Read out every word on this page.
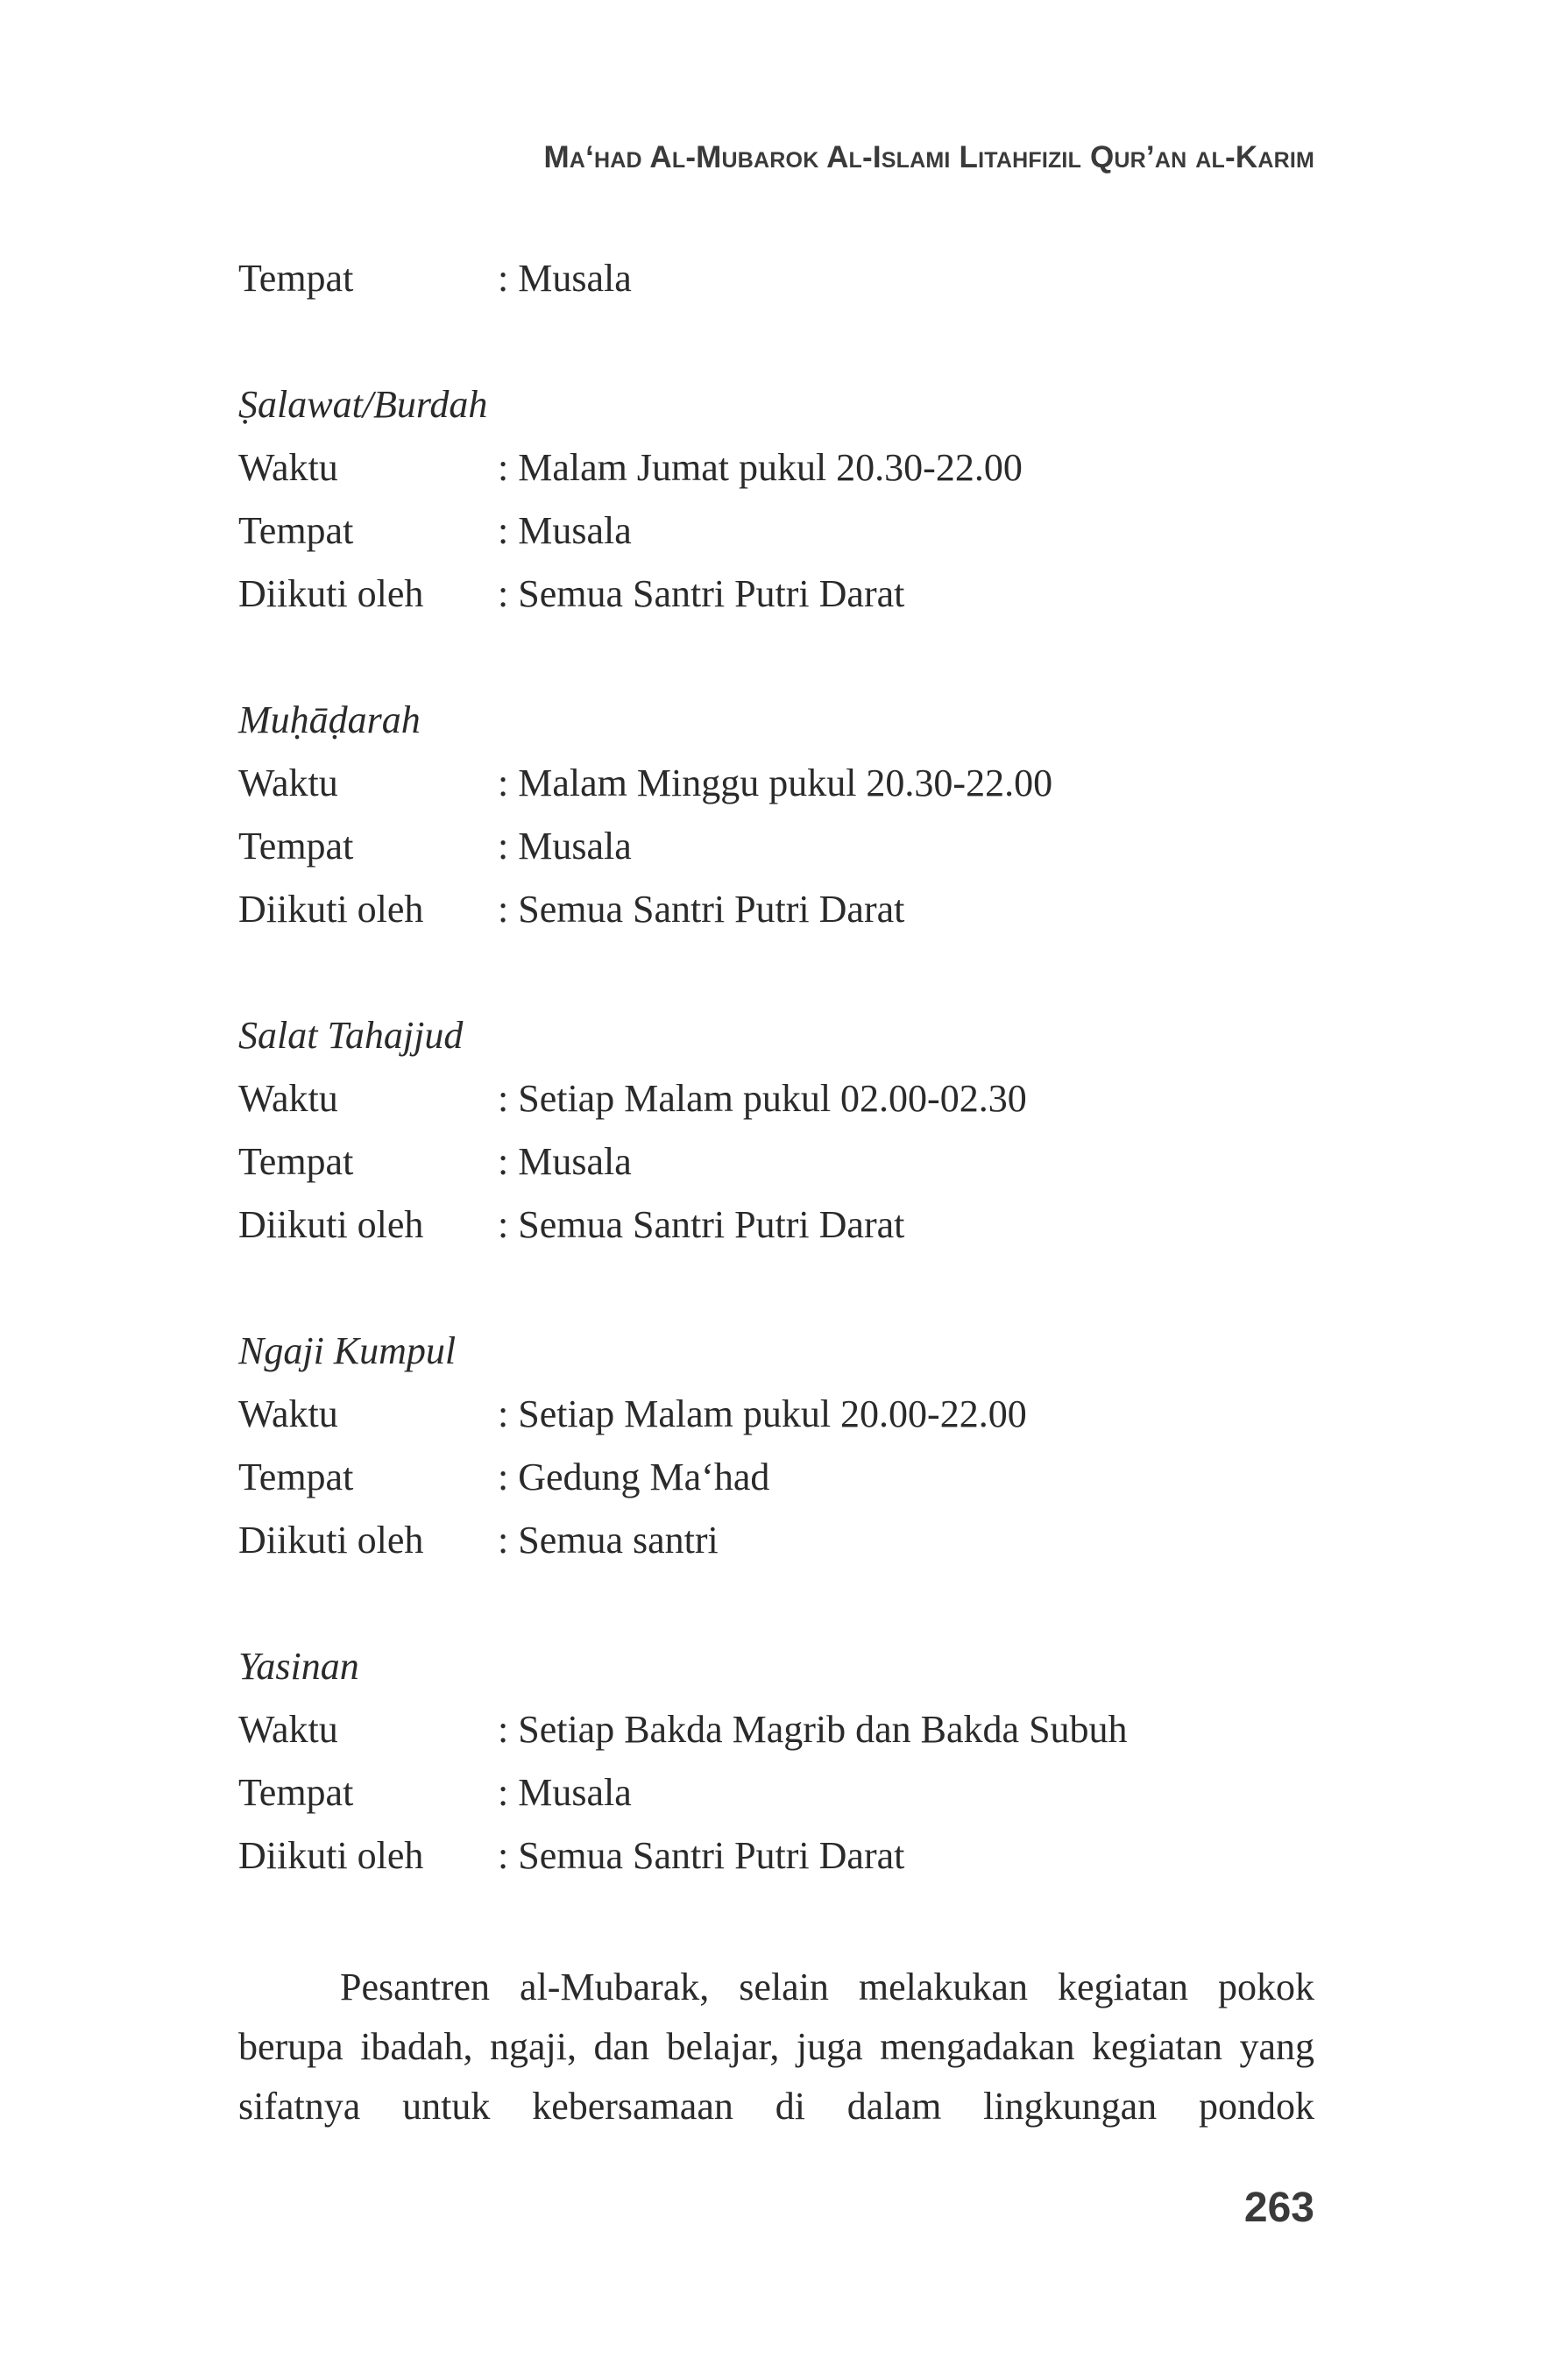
Ma‘had Al-Mubarok Al-Islami Litahfizil Qur’an al-Karim
Tempat	: Musala
Ṣalawat/Burdah
Waktu	: Malam Jumat pukul 20.30-22.00
Tempat	: Musala
Diikuti oleh	: Semua Santri Putri Darat
Muḥāḍarah
Waktu	: Malam Minggu pukul 20.30-22.00
Tempat	: Musala
Diikuti oleh	: Semua Santri Putri Darat
Salat Tahajjud
Waktu	: Setiap Malam pukul 02.00-02.30
Tempat	: Musala
Diikuti oleh	: Semua Santri Putri Darat
Ngaji Kumpul
Waktu	: Setiap Malam pukul 20.00-22.00
Tempat	: Gedung Ma‘had
Diikuti oleh	: Semua santri
Yasinan
Waktu	: Setiap Bakda Magrib dan Bakda Subuh
Tempat	: Musala
Diikuti oleh	: Semua Santri Putri Darat
Pesantren al-Mubarak, selain melakukan kegiatan pokok berupa ibadah, ngaji, dan belajar, juga mengadakan kegiatan yang sifatnya untuk kebersamaan di dalam lingkungan pondok
263
